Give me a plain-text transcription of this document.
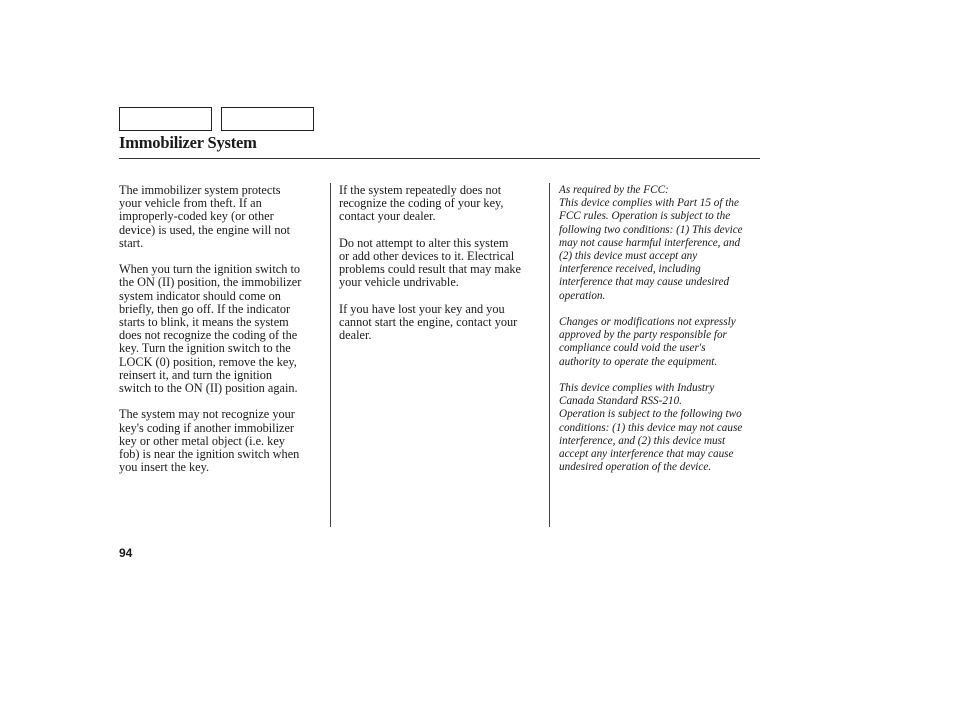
Immobilizer System

The immobilizer system protects
your vehicle from theft. If an
improperly-coded key (or other
device) is used, the engine will not
start.

When you turn the ignition switch to
the ON (II) position, the immobilizer
system indicator should come on
briefly, then go off. If the indicator
starts to blink, it means the system
does not recognize the coding of the
key. Turn the ignition switch to the
LOCK (0) position, remove the key,
reinsert it, and turn the ignition
switch to the ON (II) position again.

The system may not recognize your
key's coding if another immobilizer
key or other metal object (i.e. key
fob) is near the ignition switch when
you insert the key.

If the system repeatedly does not
recognize the coding of your key,
contact your dealer.

Do not attempt to alter this system
or add other devices to it. Electrical
problems could result that may make
your vehicle undrivable.

If you have lost your key and you
cannot start the engine, contact your
dealer.

As required by the FCC:
This device complies with Part 15 of the
FCC rules. Operation is subject to the
following two conditions: (1) This device
may not cause harmful interference, and
(2) this device must accept any
interference received, including
interference that may cause undesired
operation.

Changes or modifications not expressly
approved by the party responsible for
compliance could void the user's
authority to operate the equipment.

This device complies with Industry
Canada Standard RSS-210.
Operation is subject to the following two
conditions: (1) this device may not cause
interference, and (2) this device must
accept any interference that may cause
undesired operation of the device.

94
